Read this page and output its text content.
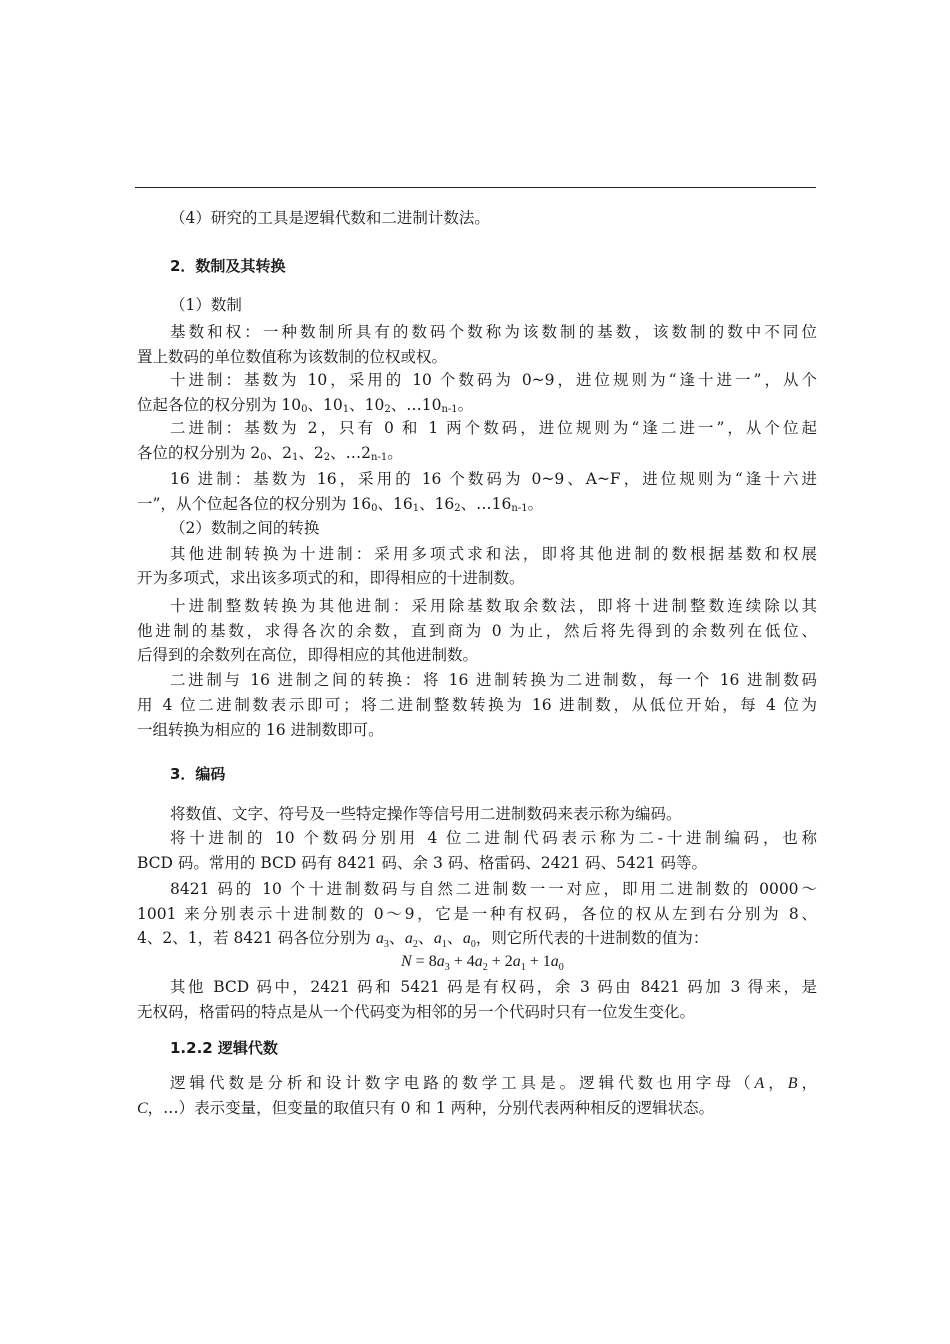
（4）研究的工具是逻辑代数和二进制计数法。
2．数制及其转换
（1）数制
基数和权：一种数制所具有的数码个数称为该数制的基数，该数制的数中不同位
置上数码的单位数值称为该数制的位权或权。
十进制：基数为 10，采用的 10 个数码为 0~9，进位规则为“逢十进一”，从个
位起各位的权分别为 $10_0$、$10_1$、$10_2$、$\dots 10_{n-1}$。
二进制：基数为 2，只有 0 和 1 两个数码，进位规则为“逢二进一”，从个位起
各位的权分别为 $2_0$、$2_1$、$2_2$、$\dots 2_{n-1}$。
16 进制：基数为 16，采用的 16 个数码为 0~9、A~F，进位规则为“逢十六进
一”，从个位起各位的权分别为 $16_0$、$16_1$、$16_2$、$\dots 16_{n-1}$。
（2）数制之间的转换
其他进制转换为十进制：采用多项式求和法，即将其他进制的数根据基数和权展
开为多项式，求出该多项式的和，即得相应的十进制数。
十进制整数转换为其他进制：采用除基数取余数法，即将十进制整数连续除以其
他进制的基数，求得各次的余数，直到商为 0 为止，然后将先得到的余数列在低位、
后得到的余数列在高位，即得相应的其他进制数。
二进制与 16 进制之间的转换：将 16 进制转换为二进制数，每一个 16 进制数码
用 4 位二进制数表示即可；将二进制整数转换为 16 进制数，从低位开始，每 4 位为
一组转换为相应的 16 进制数即可。
3．编码
将数值、文字、符号及一些特定操作等信号用二进制数码来表示称为编码。
将十进制的 10 个数码分别用 4 位二进制代码表示称为二-十进制编码，也称
BCD 码。常用的 BCD 码有 8421 码、余 3 码、格雷码、2421 码、5421 码等。
8421 码的 10 个十进制数码与自然二进制数一一对应，即用二进制数的 0000～
1001 来分别表示十进制数的 0～9，它是一种有权码，各位的权从左到右分别为 8、
4、2、1，若 8421 码各位分别为 $a_3$、$a_2$、$a_1$、$a_0$，则它所代表的十进制数的值为：
$N = 8a_3 + 4a_2 + 2a_1 + 1a_0$
其他 BCD 码中，2421 码和 5421 码是有权码，余 3 码由 8421 码加 3 得来，是
无权码，格雷码的特点是从一个代码变为相邻的另一个代码时只有一位发生变化。
1.2.2 逻辑代数
逻辑代数是分析和设计数字电路的数学工具是。逻辑代数也用字母（A，B，
C，…）表示变量，但变量的取值只有 0 和 1 两种，分别代表两种相反的逻辑状态。
